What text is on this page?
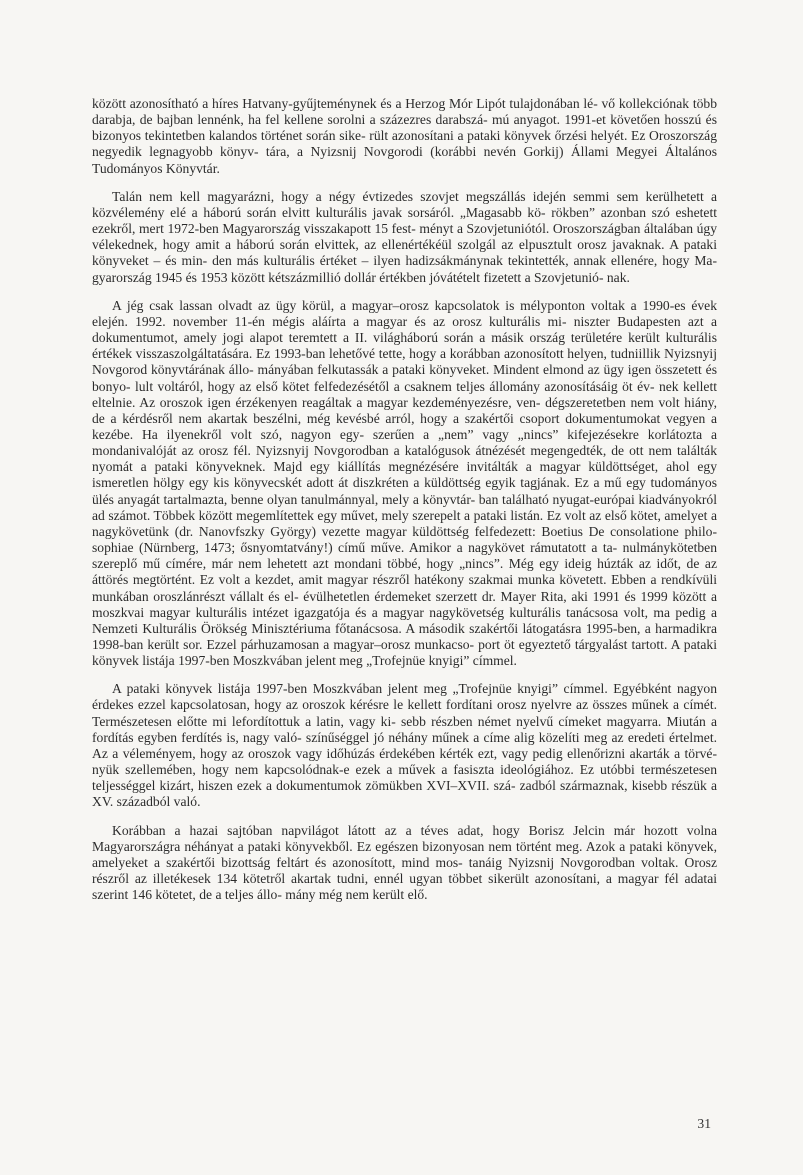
között azonosítható a híres Hatvany-gyűjteménynek és a Herzog Mór Lipót tulajdonában lé- vő kollekciónak több darabja, de bajban lennénk, ha fel kellene sorolni a százezres darabszá- mú anyagot. 1991-et követően hosszú és bizonyos tekintetben kalandos történet során sike- rült azonosítani a pataki könyvek őrzési helyét. Ez Oroszország negyedik legnagyobb könyv- tára, a Nyizsnij Novgorodi (korábbi nevén Gorkij) Állami Megyei Általános Tudományos Könyvtár.

Talán nem kell magyarázni, hogy a négy évtizedes szovjet megszállás idején semmi sem kerülhetett a közvélemény elé a háború során elvitt kulturális javak sorsáról. „Magasabb kö- rökben” azonban szó eshetett ezekről, mert 1972-ben Magyarország visszakapott 15 fest- ményt a Szovjetuniótól. Oroszországban általában úgy vélekednek, hogy amit a háború során elvittek, az ellenértékéül szolgál az elpusztult orosz javaknak. A pataki könyveket – és min- den más kulturális értéket – ilyen hadizsákmánynak tekintették, annak ellenére, hogy Ma- gyarország 1945 és 1953 között kétszázmillió dollár értékben jóvátételt fizetett a Szovjetunió- nak.

A jég csak lassan olvadt az ügy körül, a magyar–orosz kapcsolatok is mélyponton voltak a 1990-es évek elején. 1992. november 11-én mégis aláírta a magyar és az orosz kulturális mi- niszter Budapesten azt a dokumentumot, amely jogi alapot teremtett a II. világháború során a másik ország területére került kulturális értékek visszaszolgáltatására. Ez 1993-ban lehetővé tette, hogy a korábban azonosított helyen, tudniillik Nyizsnyij Novgorod könyvtárának állo- mányában felkutassák a pataki könyveket. Mindent elmond az ügy igen összetett és bonyo- lult voltáról, hogy az első kötet felfedezésétől a csaknem teljes állomány azonosításáig öt év- nek kellett eltelnie. Az oroszok igen érzékenyen reagáltak a magyar kezdeményezésre, ven- dégszeretetben nem volt hiány, de a kérdésről nem akartak beszélni, még kevésbé arról, hogy a szakértői csoport dokumentumokat vegyen a kezébe. Ha ilyenekről volt szó, nagyon egy- szerűen a „nem” vagy „nincs” kifejezésekre korlátozta a mondanivalóját az orosz fél. Nyizsnyij Novgorodban a katalógusok átnézését megengedték, de ott nem találták nyomát a pataki könyveknek. Majd egy kiállítás megnézésére invitálták a magyar küldöttséget, ahol egy ismeretlen hölgy egy kis könyvecskét adott át diszkréten a küldöttség egyik tagjának. Ez a mű egy tudományos ülés anyagát tartalmazta, benne olyan tanulmánnyal, mely a könyvtár- ban található nyugat-európai kiadványokról ad számot. Többek között megemlítettek egy művet, mely szerepelt a pataki listán. Ez volt az első kötet, amelyet a nagykövetünk (dr. Nanovfszky György) vezette magyar küldöttség felfedezett: Boetius De consolatione philo- sophiae (Nürnberg, 1473; ősnyomtatvány!) című műve. Amikor a nagykövet rámutatott a ta- nulmánykötetben szereplő mű címére, már nem lehetett azt mondani többé, hogy „nincs”. Még egy ideig húzták az időt, de az áttörés megtörtént. Ez volt a kezdet, amit magyar részről hatékony szakmai munka követett. Ebben a rendkívüli munkában oroszlánrészt vállalt és el- évülhetetlen érdemeket szerzett dr. Mayer Rita, aki 1991 és 1999 között a moszkvai magyar kulturális intézet igazgatója és a magyar nagykövetség kulturális tanácsosa volt, ma pedig a Nemzeti Kulturális Örökség Minisztériuma főtanácsosa. A második szakértői látogatásra 1995-ben, a harmadikra 1998-ban került sor. Ezzel párhuzamosan a magyar–orosz munkacso- port öt egyeztető tárgyalást tartott. A pataki könyvek listája 1997-ben Moszkvában jelent meg „Trofejnüe knyigi” címmel.

A pataki könyvek listája 1997-ben Moszkvában jelent meg „Trofejnüe knyigi” címmel. Egyébként nagyon érdekes ezzel kapcsolatosan, hogy az oroszok kérésre le kellett fordítani orosz nyelvre az összes műnek a címét. Természetesen előtte mi lefordítottuk a latin, vagy ki- sebb részben német nyelvű címeket magyarra. Miután a fordítás egyben ferdítés is, nagy való- színűséggel jó néhány műnek a címe alig közelíti meg az eredeti értelmet. Az a véleményem, hogy az oroszok vagy időhúzás érdekében kérték ezt, vagy pedig ellenőrizni akarták a törvé- nyük szellemében, hogy nem kapcsolódnak-e ezek a művek a fasiszta ideológiához. Ez utóbbi természetesen teljességgel kizárt, hiszen ezek a dokumentumok zömükben XVI–XVII. szá- zadból származnak, kisebb részük a XV. századból való.

Korábban a hazai sajtóban napvilágot látott az a téves adat, hogy Borisz Jelcin már hozott volna Magyarországra néhányat a pataki könyvekből. Ez egészen bizonyosan nem történt meg. Azok a pataki könyvek, amelyeket a szakértői bizottság feltárt és azonosított, mind mos- tanáig Nyizsnij Novgorodban voltak. Orosz részről az illetékesek 134 kötetről akartak tudni, ennél ugyan többet sikerült azonosítani, a magyar fél adatai szerint 146 kötetet, de a teljes állo- mány még nem került elő.

31
